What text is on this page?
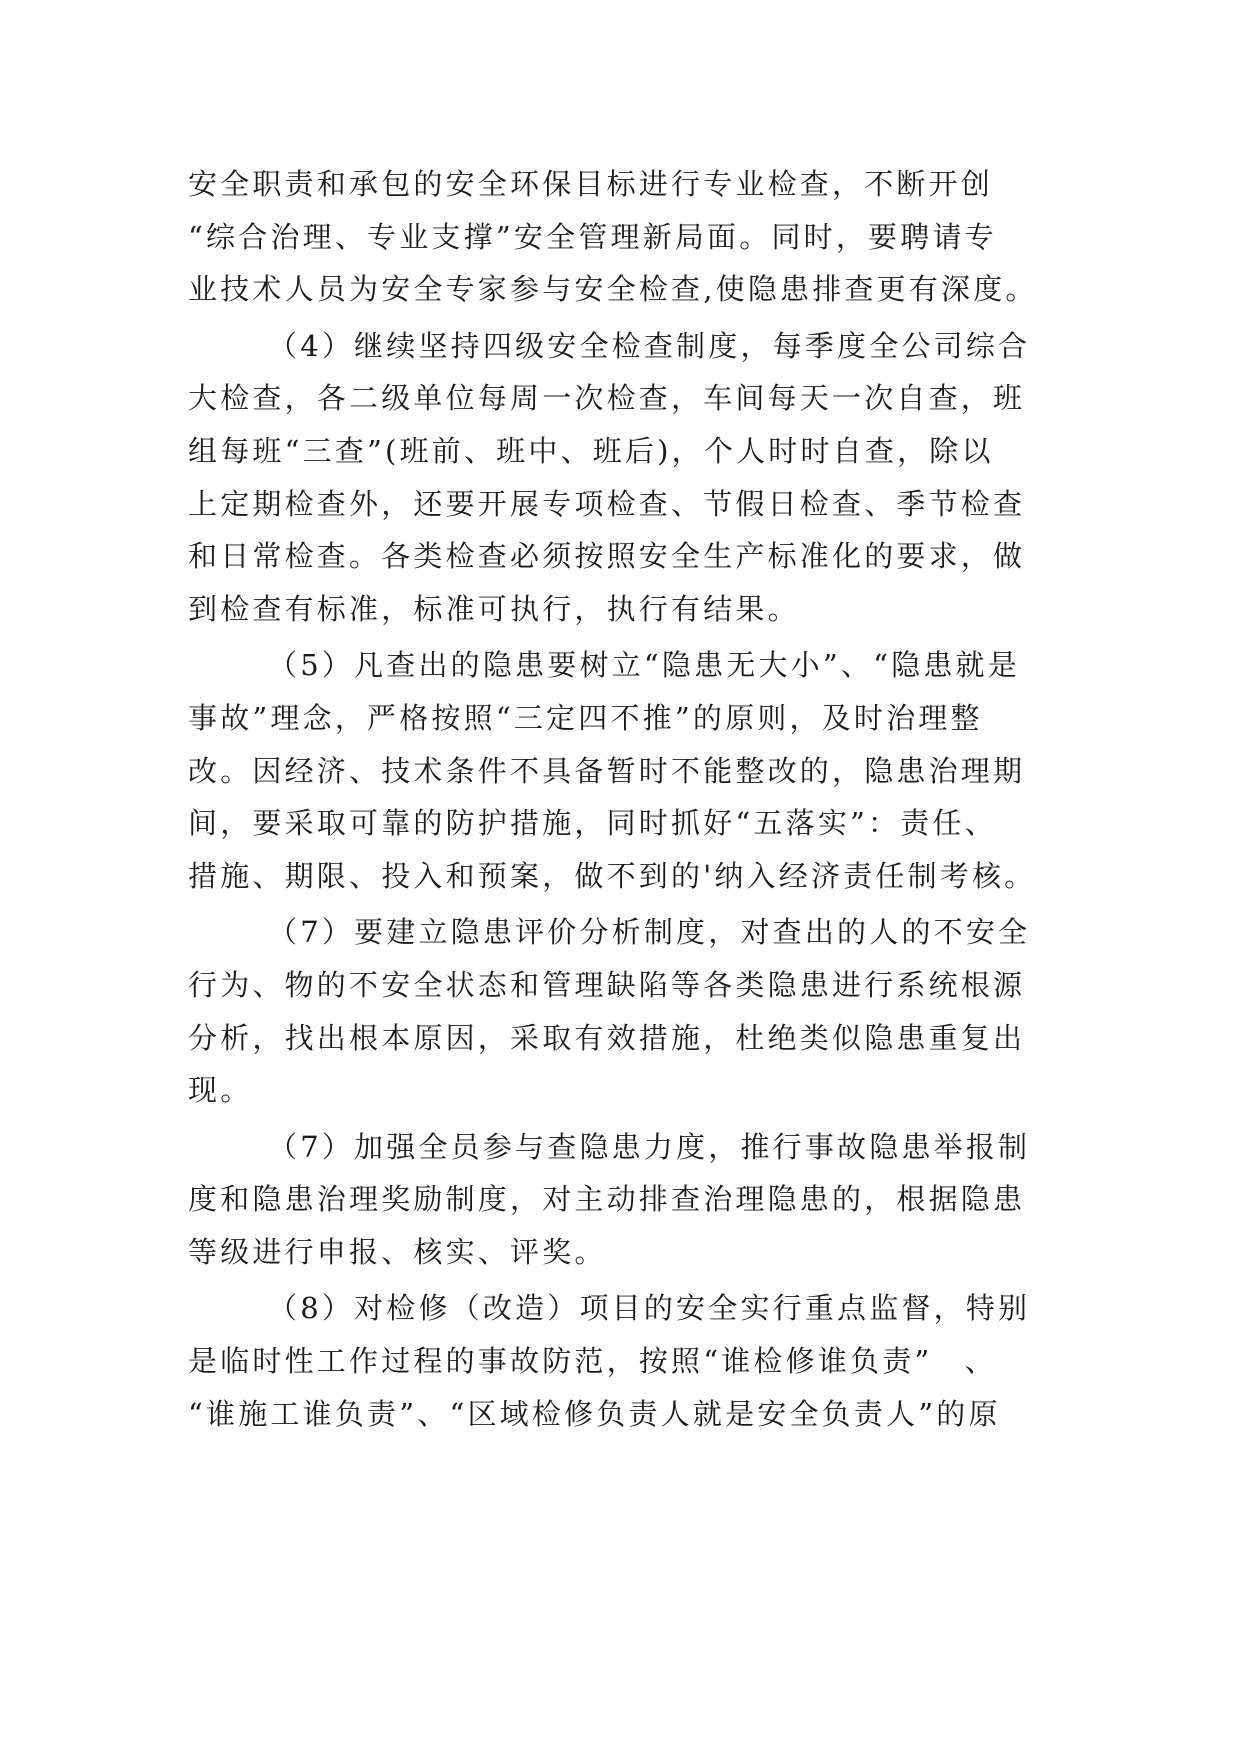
安全职责和承包的安全环保目标进行专业检查，不断开创
“综合治理、专业支撑”安全管理新局面。同时，要聘请专
业技术人员为安全专家参与安全检查,使隐患排查更有深度。
（4）继续坚持四级安全检查制度，每季度全公司综合
大检查，各二级单位每周一次检查，车间每天一次自查，班
组每班“三查”(班前、班中、班后)，个人时时自查，除以
上定期检查外，还要开展专项检查、节假日检查、季节检查
和日常检查。各类检查必须按照安全生产标准化的要求，做
到检查有标准，标准可执行，执行有结果。
（5）凡查出的隐患要树立“隐患无大小”、“隐患就是
事故”理念，严格按照“三定四不推”的原则，及时治理整
改。因经济、技术条件不具备暂时不能整改的，隐患治理期
间，要采取可靠的防护措施，同时抓好“五落实”：责任、
措施、期限、投入和预案，做不到的'纳入经济责任制考核。
（7）要建立隐患评价分析制度，对查出的人的不安全
行为、物的不安全状态和管理缺陷等各类隐患进行系统根源
分析，找出根本原因，采取有效措施，杜绝类似隐患重复出
现。
（7）加强全员参与查隐患力度，推行事故隐患举报制
度和隐患治理奖励制度，对主动排查治理隐患的，根据隐患
等级进行申报、核实、评奖。
（8）对检修（改造）项目的安全实行重点监督，特别
是临时性工作过程的事故防范，按照“谁检修谁负责”　、
“谁施工谁负责”、“区域检修负责人就是安全负责人”的原
